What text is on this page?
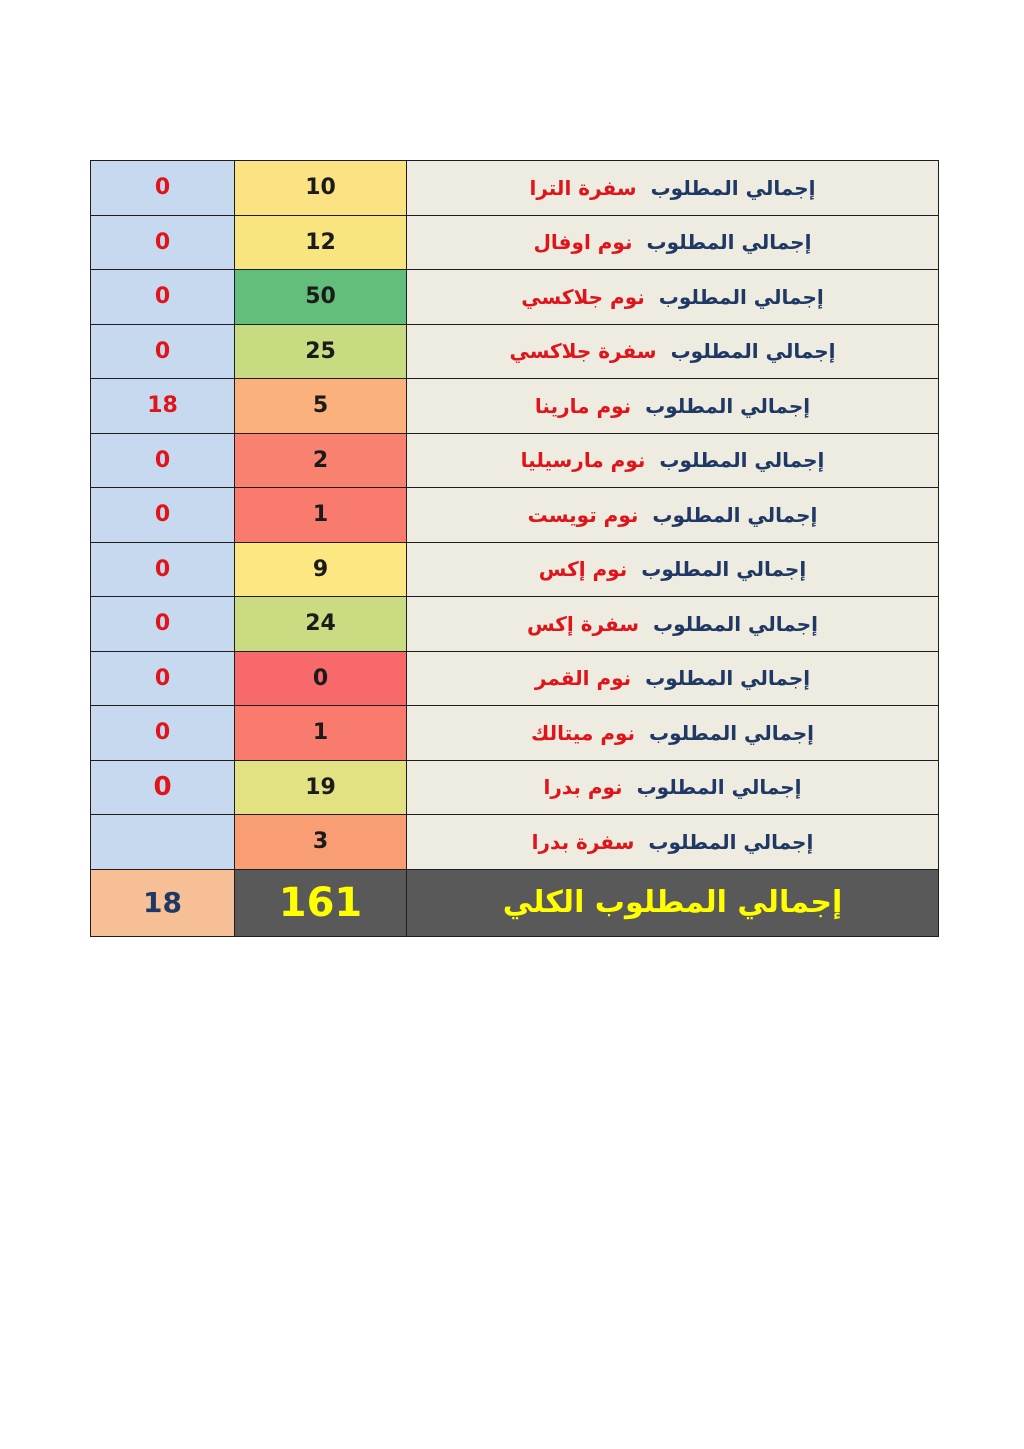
0	10	إجمالي المطلوبسفرة الترا
0	12	إجمالي المطلوبنوم اوفال
0	50	إجمالي المطلوبنوم جلاكسي
0	25	إجمالي المطلوبسفرة جلاكسي
18	5	إجمالي المطلوبنوم مارينا
0	2	إجمالي المطلوبنوم مارسيليا
0	1	إجمالي المطلوبنوم تويست
0	9	إجمالي المطلوبنوم إكس
0	24	إجمالي المطلوبسفرة إكس
0	0	إجمالي المطلوبنوم القمر
0	1	إجمالي المطلوبنوم ميتالك
0	19	إجمالي المطلوبنوم بدرا
	3	إجمالي المطلوبسفرة بدرا
18	161	إجمالي المطلوب الكلي
